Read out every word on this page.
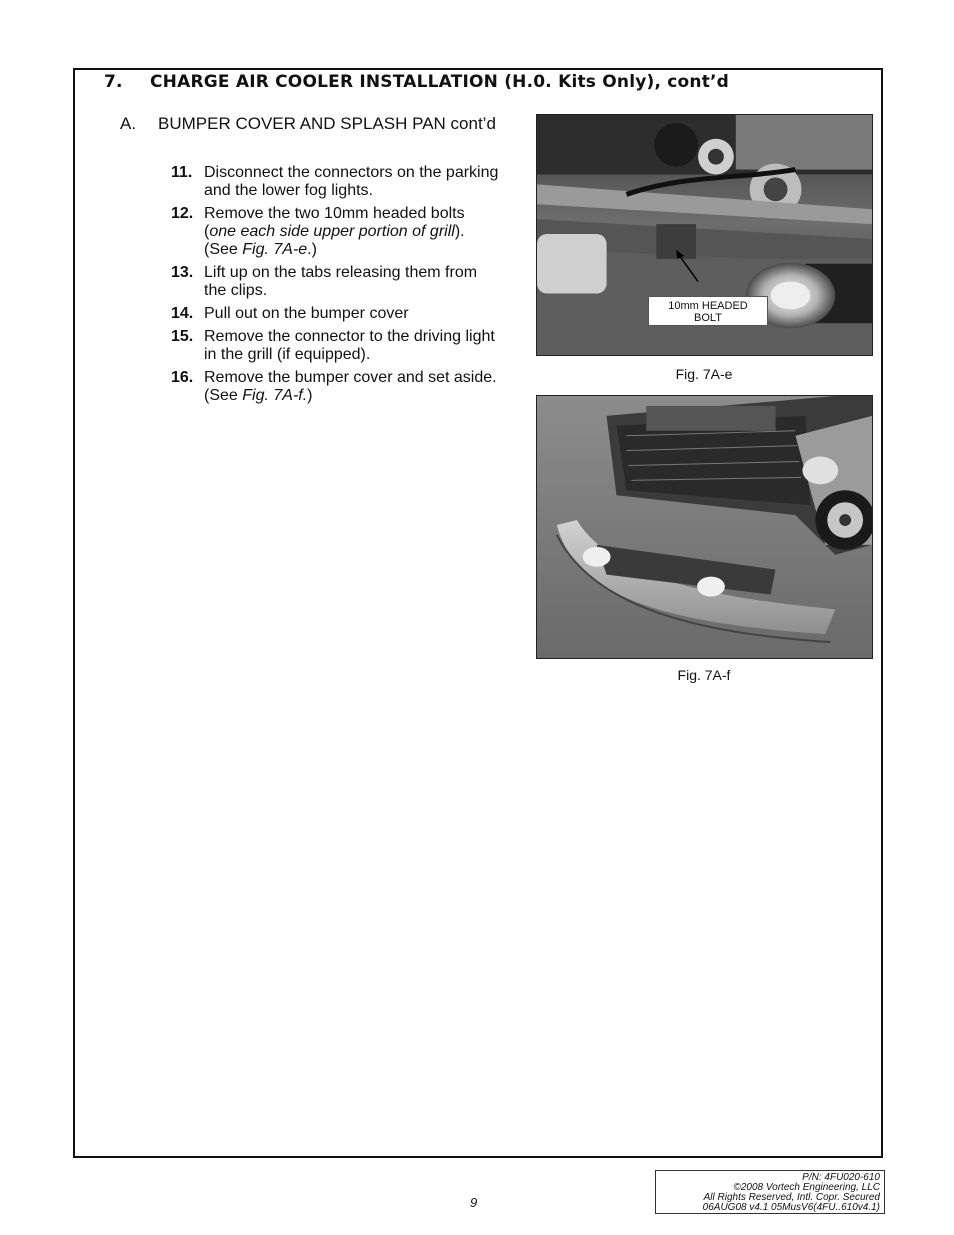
7. CHARGE AIR COOLER INSTALLATION (H.0. Kits Only), cont’d
A. BUMPER COVER AND SPLASH PAN cont’d
11. Disconnect the connectors on the parking
and the lower fog lights.
12. Remove the two 10mm headed bolts
(one each side upper portion of grill).
(See Fig. 7A-e.)
13. Lift up on the tabs releasing them from
the clips.
14. Pull out on the bumper cover
15. Remove the connector to the driving light
in the grill (if equipped).
16. Remove the bumper cover and set aside.
(See Fig. 7A-f.)
10mm HEADED
BOLT
Fig. 7A-e
Fig. 7A-f
9
P/N: 4FU020-610
©2008 Vortech Engineering, LLC
All Rights Reserved, Intl. Copr. Secured
06AUG08 v4.1 05MusV6(4FU..610v4.1)
